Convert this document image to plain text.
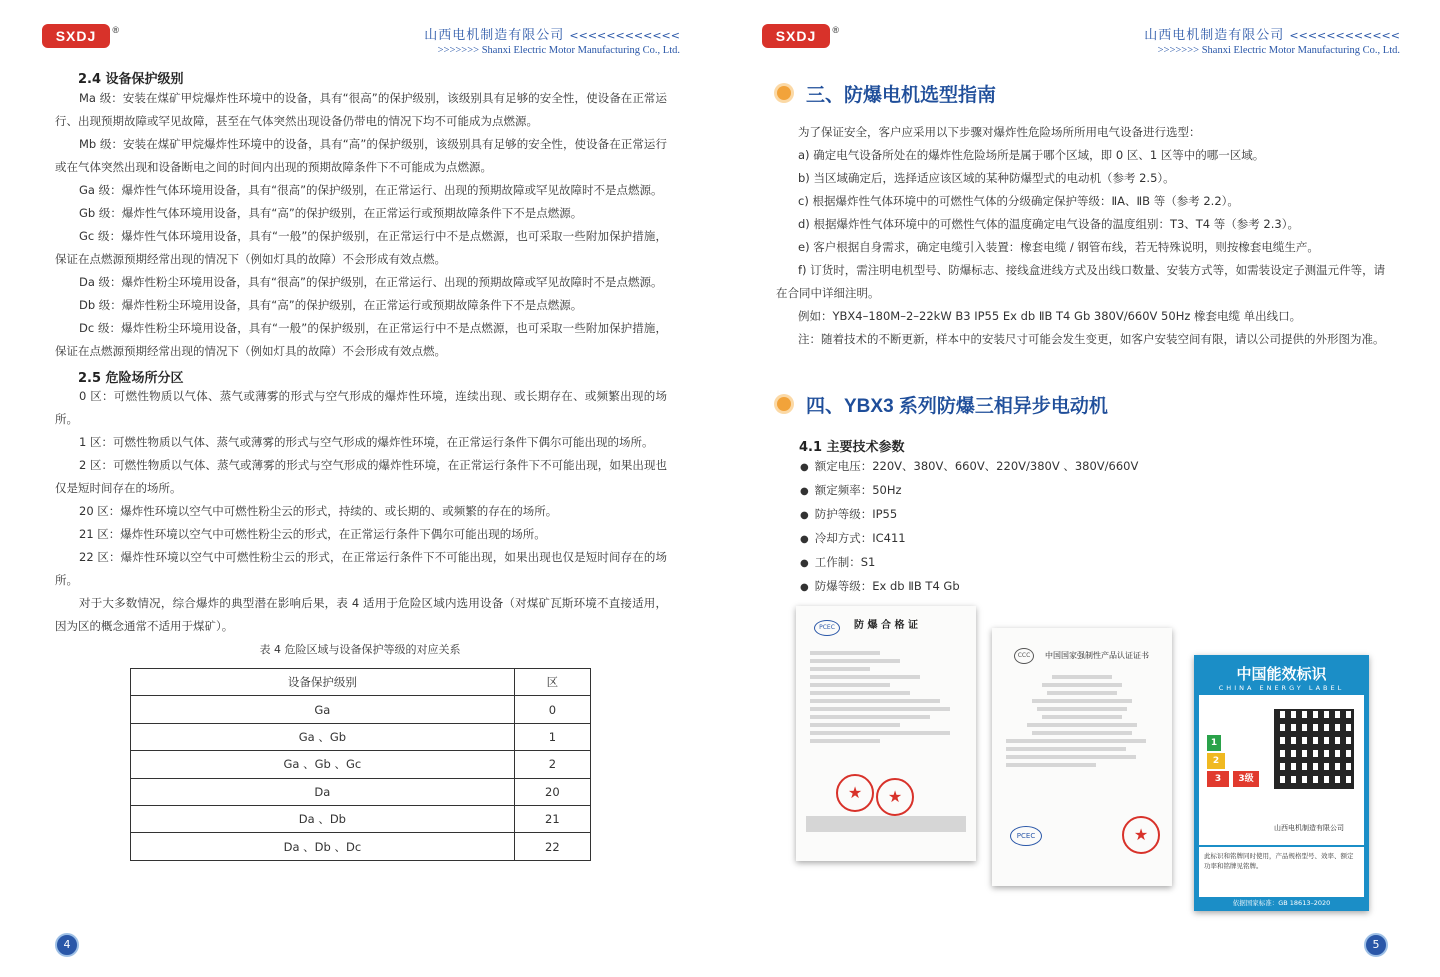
SXDJ ®	山西电机制造有限公司 <<<<<<<<<<<<
>>>>>>> Shanxi Electric Motor Manufacturing Co., Ltd.
2.4 设备保护级别

Ma 级：安装在煤矿甲烷爆炸性环境中的设备，具有“很高”的保护级别，该级别具有足够的安全性，使设备在正常运行、出现预期故障或罕见故障，甚至在气体突然出现设备仍带电的情况下均不可能成为点燃源。

Mb 级：安装在煤矿甲烷爆炸性环境中的设备，具有“高”的保护级别，该级别具有足够的安全性，使设备在正常运行或在气体突然出现和设备断电之间的时间内出现的预期故障条件下不可能成为点燃源。

Ga 级：爆炸性气体环境用设备，具有“很高”的保护级别，在正常运行、出现的预期故障或罕见故障时不是点燃源。

Gb 级：爆炸性气体环境用设备，具有“高”的保护级别，在正常运行或预期故障条件下不是点燃源。

Gc 级：爆炸性气体环境用设备，具有“一般”的保护级别，在正常运行中不是点燃源，也可采取一些附加保护措施，保证在点燃源预期经常出现的情况下（例如灯具的故障）不会形成有效点燃。

Da 级：爆炸性粉尘环境用设备，具有“很高”的保护级别，在正常运行、出现的预期故障或罕见故障时不是点燃源。

Db 级：爆炸性粉尘环境用设备，具有“高”的保护级别，在正常运行或预期故障条件下不是点燃源。

Dc 级：爆炸性粉尘环境用设备，具有“一般”的保护级别，在正常运行中不是点燃源，也可采取一些附加保护措施，保证在点燃源预期经常出现的情况下（例如灯具的故障）不会形成有效点燃。

2.5 危险场所分区

0 区：可燃性物质以气体、蒸气或薄雾的形式与空气形成的爆炸性环境，连续出现、或长期存在、或频繁出现的场所。

1 区：可燃性物质以气体、蒸气或薄雾的形式与空气形成的爆炸性环境，在正常运行条件下偶尔可能出现的场所。

2 区：可燃性物质以气体、蒸气或薄雾的形式与空气形成的爆炸性环境，在正常运行条件下不可能出现，如果出现也仅是短时间存在的场所。

20 区：爆炸性环境以空气中可燃性粉尘云的形式，持续的、或长期的、或频繁的存在的场所。

21 区：爆炸性环境以空气中可燃性粉尘云的形式，在正常运行条件下偶尔可能出现的场所。

22 区：爆炸性环境以空气中可燃性粉尘云的形式，在正常运行条件下不可能出现，如果出现也仅是短时间存在的场所。

对于大多数情况，综合爆炸的典型潜在影响后果，表 4 适用于危险区域内选用设备（对煤矿瓦斯环境不直接适用，因为区的概念通常不适用于煤矿）。

表 4 危险区域与设备保护等级的对应关系
设备保护级别	区
Ga	0
Ga 、Gb	1
Ga 、Gb 、Gc	2
Da	20
Da 、Db	21
Da 、Db 、Dc	22
4
SXDJ ®	山西电机制造有限公司 <<<<<<<<<<<<
>>>>>>> Shanxi Electric Motor Manufacturing Co., Ltd.
三、防爆电机选型指南

为了保证安全，客户应采用以下步骤对爆炸性危险场所所用电气设备进行选型：

a) 确定电气设备所处在的爆炸性危险场所是属于哪个区域，即 0 区、1 区等中的哪一区域。

b) 当区域确定后，选择适应该区域的某种防爆型式的电动机（参考 2.5）。

c) 根据爆炸性气体环境中的可燃性气体的分级确定保护等级：ⅡA、ⅡB 等（参考 2.2）。

d) 根据爆炸性气体环境中的可燃性气体的温度确定电气设备的温度组别：T3、T4 等（参考 2.3）。

e) 客户根据自身需求，确定电缆引入装置：橡套电缆 / 钢管布线，若无特殊说明，则按橡套电缆生产。

f) 订货时，需注明电机型号、防爆标志、接线盒进线方式及出线口数量、安装方式等，如需装设定子测温元件等，请在合同中详细注明。

例如：YBX4–180M–2–22kW B3 IP55 Ex db ⅡB T4 Gb 380V/660V 50Hz 橡套电缆 单出线口。

注：随着技术的不断更新，样本中的安装尺寸可能会发生变更，如客户安装空间有限，请以公司提供的外形图为准。

四、YBX3 系列防爆三相异步电动机
4.1 主要技术参数
● 额定电压：220V、380V、660V、220V/380V 、380V/660V
● 额定频率：50Hz
● 防护等级：IP55
● 冷却方式：IC411
● 工作制：S1
● 防爆等级：Ex db ⅡB T4 Gb
PCEC	防 爆 合 格 证
★	★
CCC	中国国家强制性产品认证证书
PCEC	★
中国能效标识
CHINA ENERGY LABEL
1
2
3	3级
山西电机制造有限公司
此标识和铭牌同时使用，产品规格型号、效率、额定功率和铭牌见铭牌。
依据国家标准：GB 18613–2020
5
